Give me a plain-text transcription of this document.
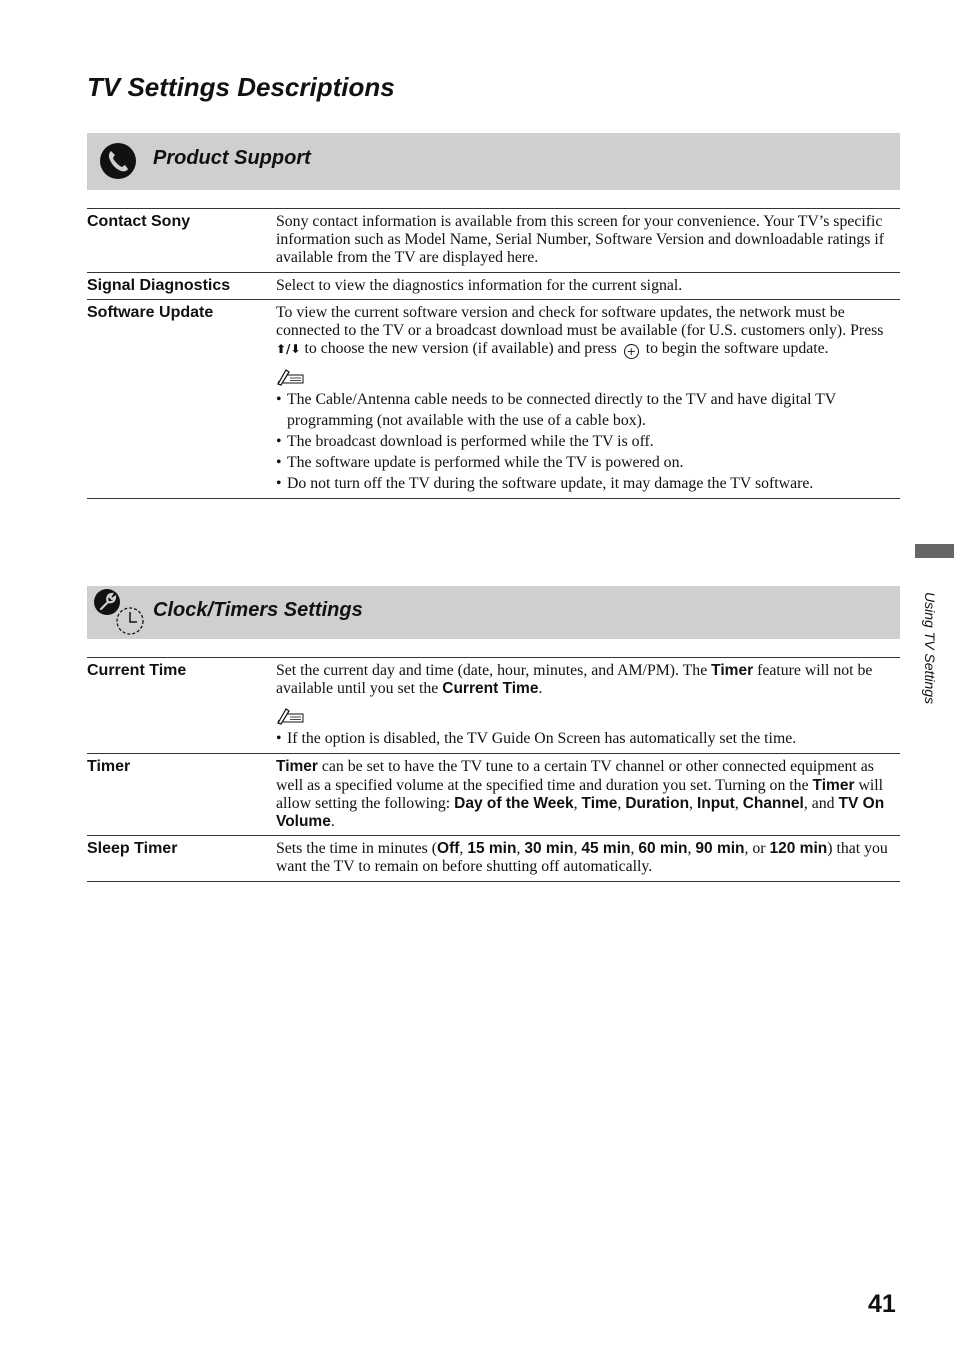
TV Settings Descriptions
Product Support
Contact Sony	Sony contact information is available from this screen for your convenience. Your TV’s specific information such as Model Name, Serial Number, Software Version and downloadable ratings if available from the TV are displayed here.
Signal Diagnostics	Select to view the diagnostics information for the current signal.
Software Update	To view the current software version and check for software updates, the network must be connected to the TV or a broadcast download must be available (for U.S. customers only). Press ⬆/⬇ to choose the new version (if available) and press + to begin the software update.
• The Cable/Antenna cable needs to be connected directly to the TV and have digital TV programming (not available with the use of a cable box).
• The broadcast download is performed while the TV is off.
• The software update is performed while the TV is powered on.
• Do not turn off the TV during the software update, it may damage the TV software.
Using TV Settings
Clock/Timers Settings
Current Time	Set the current day and time (date, hour, minutes, and AM/PM). The Timer feature will not be available until you set the Current Time.
• If the option is disabled, the TV Guide On Screen has automatically set the time.
Timer	Timer can be set to have the TV tune to a certain TV channel or other connected equipment as well as a specified volume at the specified time and duration you set. Turning on the Timer will allow setting the following: Day of the Week, Time, Duration, Input, Channel, and TV On Volume.
Sleep Timer	Sets the time in minutes (Off, 15 min, 30 min, 45 min, 60 min, 90 min, or 120 min) that you want the TV to remain on before shutting off automatically.
41
